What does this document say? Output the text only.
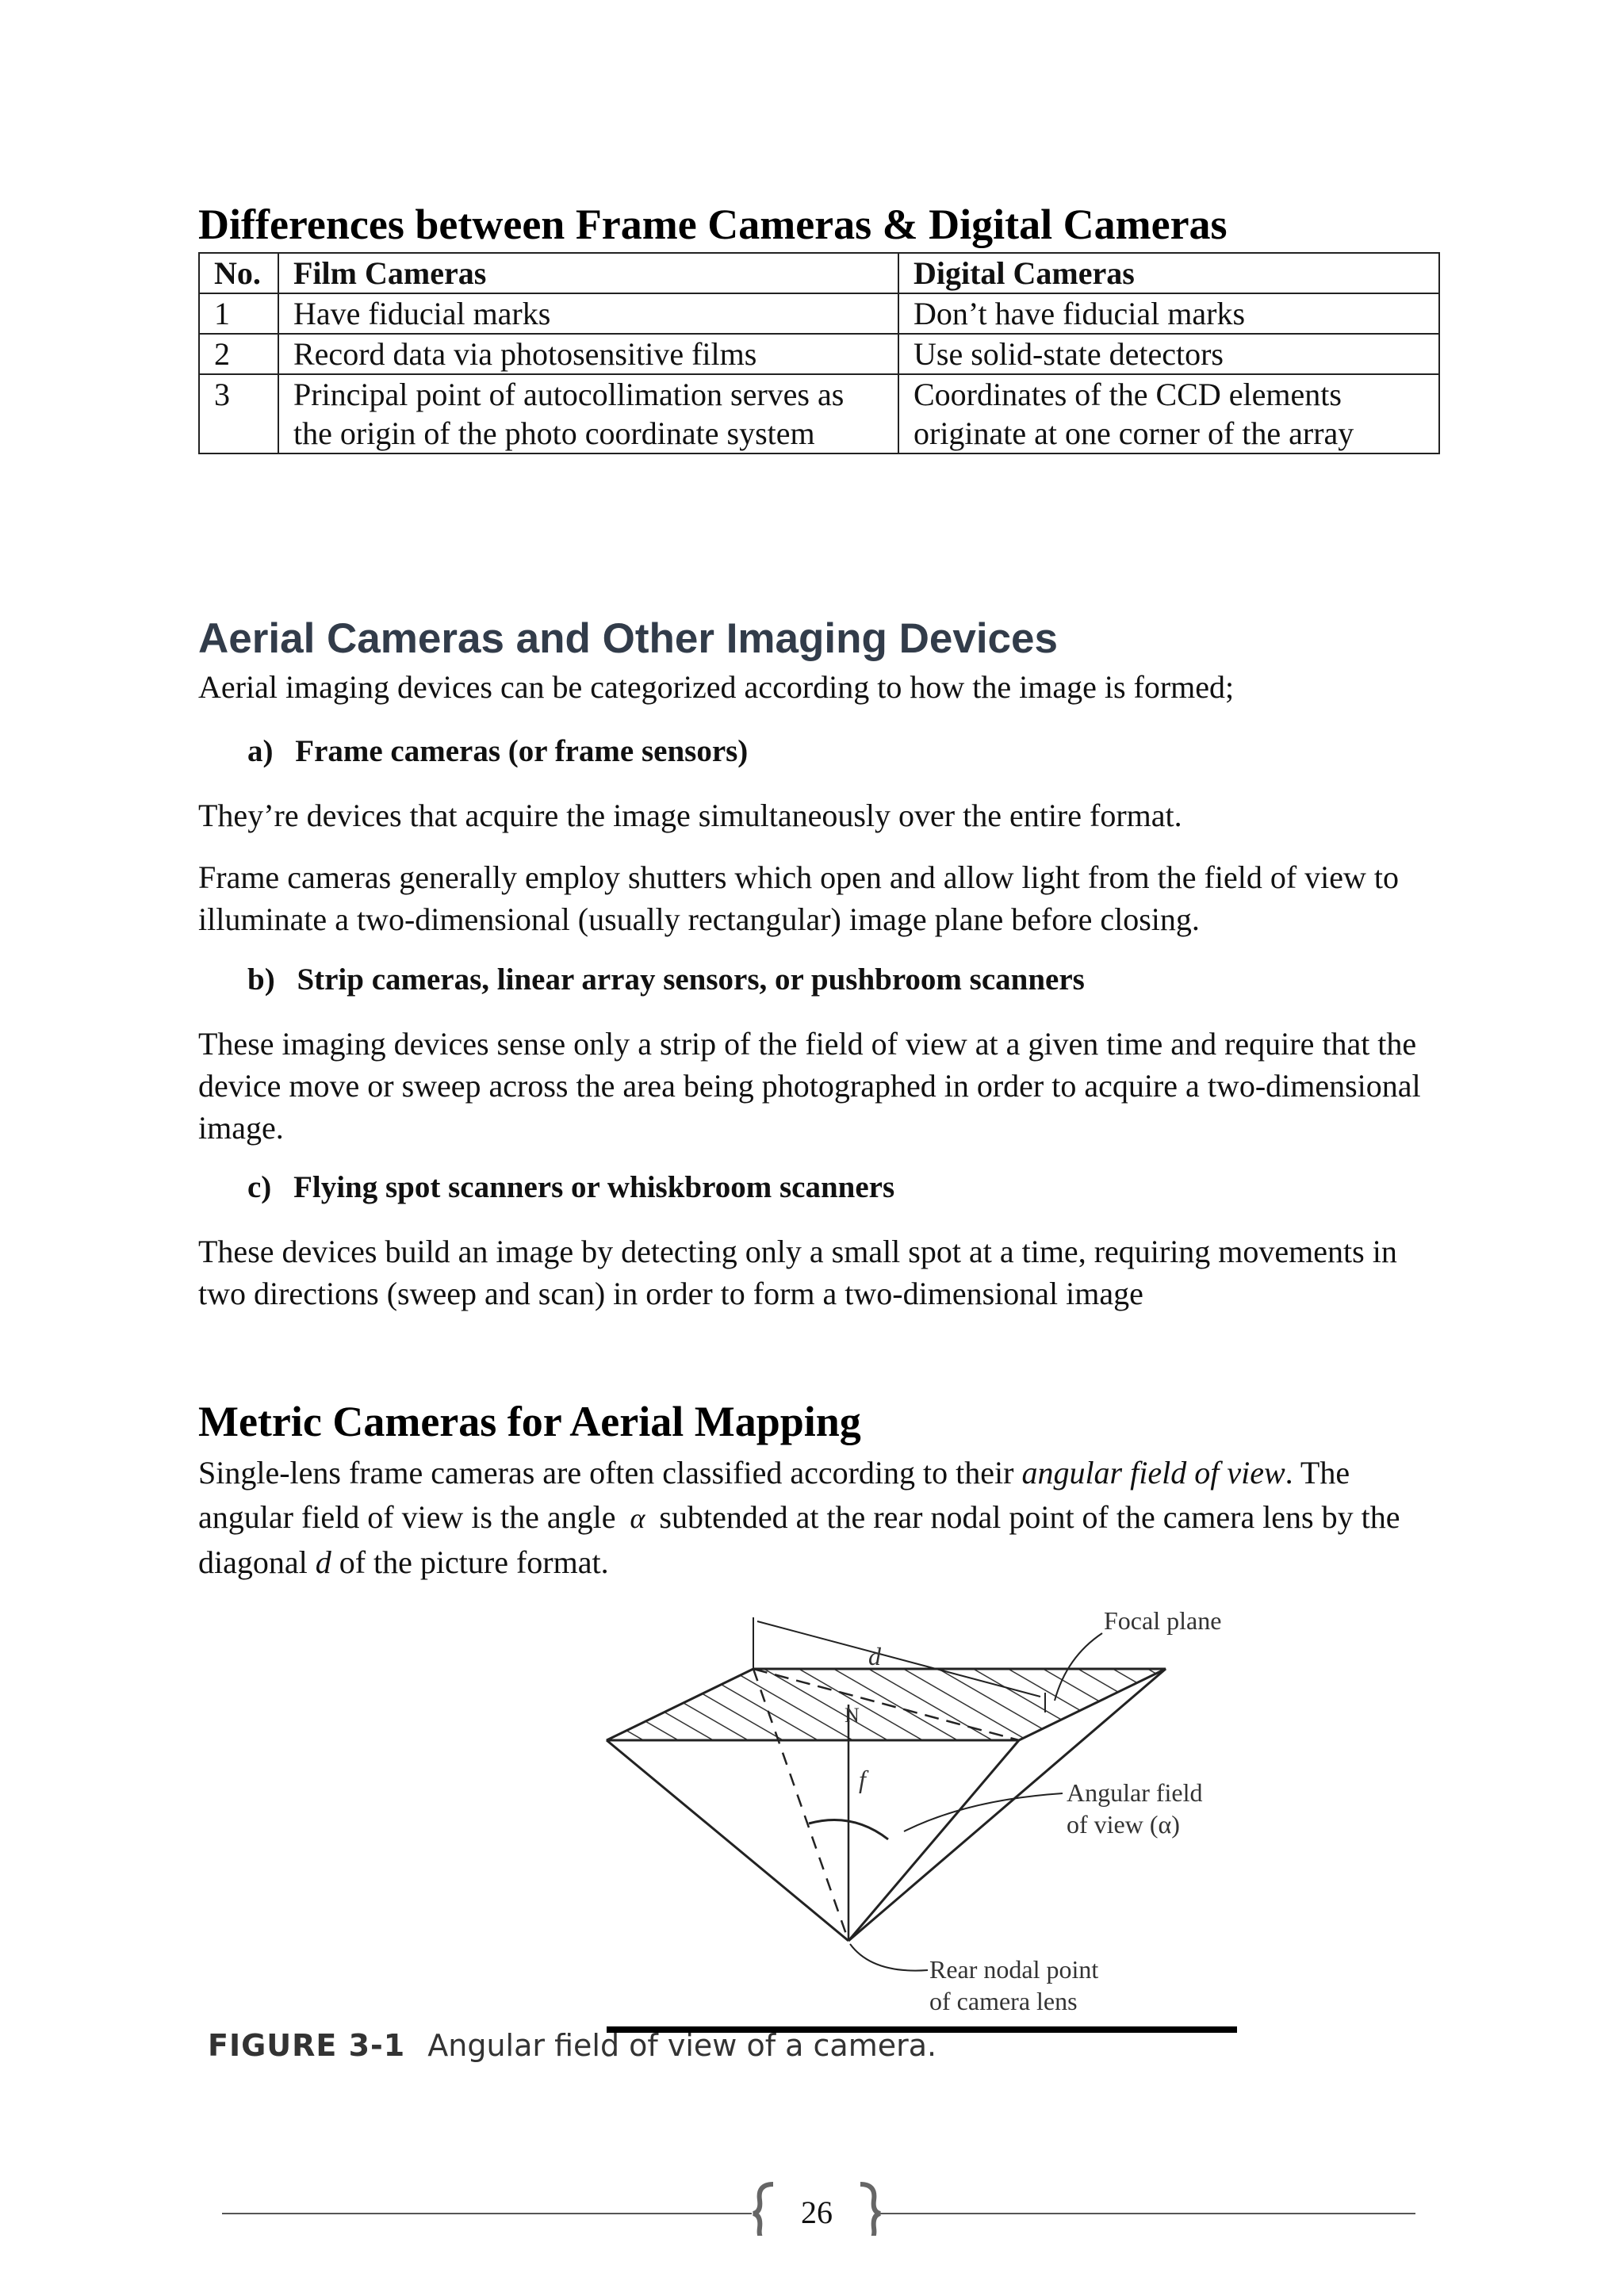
Differences between Frame Cameras & Digital Cameras
No.	Film Cameras	Digital Cameras
1	Have fiducial marks	Don’t have fiducial marks
2	Record data via photosensitive films	Use solid-state detectors
3	Principal point of autocollimation serves as the origin of the photo coordinate system	Coordinates of the CCD elements originate at one corner of the array
Aerial Cameras and Other Imaging Devices
Aerial imaging devices can be categorized according to how the image is formed;
a) Frame cameras (or frame sensors)
They’re devices that acquire the image simultaneously over the entire format.
Frame cameras generally employ shutters which open and allow light from the field of view to illuminate a two-dimensional (usually rectangular) image plane before closing.
b) Strip cameras, linear array sensors, or pushbroom scanners
These imaging devices sense only a strip of the field of view at a given time and require that the device move or sweep across the area being photographed in order to acquire a two-dimensional image.
c) Flying spot scanners or whiskbroom scanners
These devices build an image by detecting only a small spot at a time, requiring movements in two directions (sweep and scan) in order to form a two-dimensional image
Metric Cameras for Aerial Mapping
Single-lens frame cameras are often classified according to their angular field of view. The angular field of view is the angle α subtended at the rear nodal point of the camera lens by the diagonal d of the picture format.
Focal plane
d
N
f	Angular field
of view (α)
Rear nodal point
of camera lens
FIGURE 3-1 Angular field of view of a camera.
26
